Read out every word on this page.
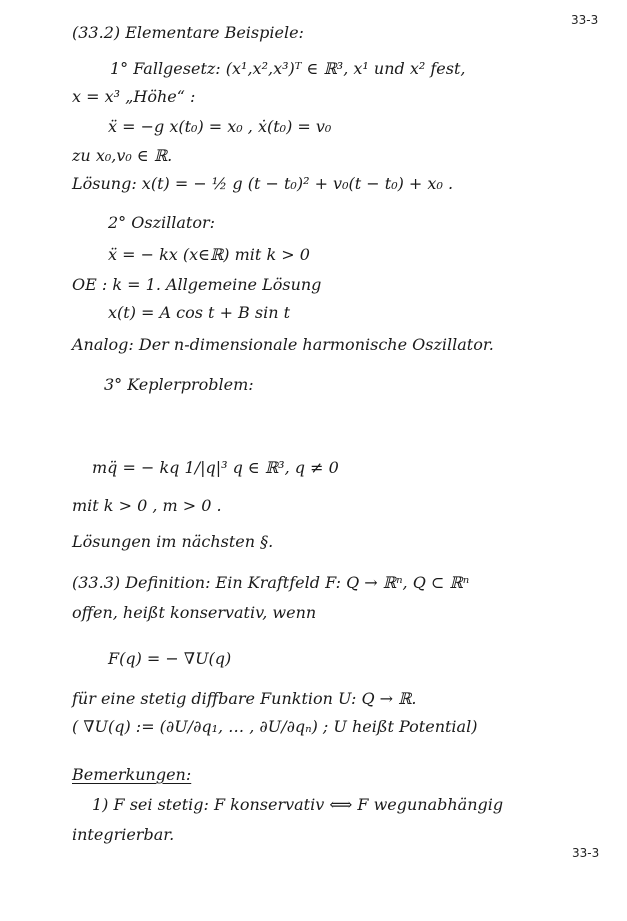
33-3
(33.2) Elementare Beispiele:
1° Fallgesetz: (x¹,x²,x³)ᵀ ∈ ℝ³, x¹ und x² fest,
x = x³ „Höhe“ :
ẍ = −g x(t₀) = x₀ , ẋ(t₀) = v₀
zu x₀,v₀ ∈ ℝ.
Lösung: x(t) = − ½ g (t − t₀)² + v₀(t − t₀) + x₀ .
2° Oszillator:
ẍ = − kx (x∈ℝ) mit k > 0
OE : k = 1. Allgemeine Lösung
x(t) = A cos t + B sin t
Analog: Der n-dimensionale harmonische Oszillator.
3° Keplerproblem:
mq̈ = − kq 1/|q|³ q ∈ ℝ³, q ≠ 0
mit k > 0 , m > 0 .
Lösungen im nächsten §.
(33.3) Definition: Ein Kraftfeld F: Q → ℝⁿ, Q ⊂ ℝⁿ
offen, heißt konservativ, wenn
F(q) = − ∇U(q)
für eine stetig diffbare Funktion U: Q → ℝ.
( ∇U(q) := (∂U/∂q₁, … , ∂U/∂qₙ) ; U heißt Potential)
Bemerkungen:
1) F sei stetig: F konservativ ⟺ F wegunabhängig
integrierbar.
33-3
